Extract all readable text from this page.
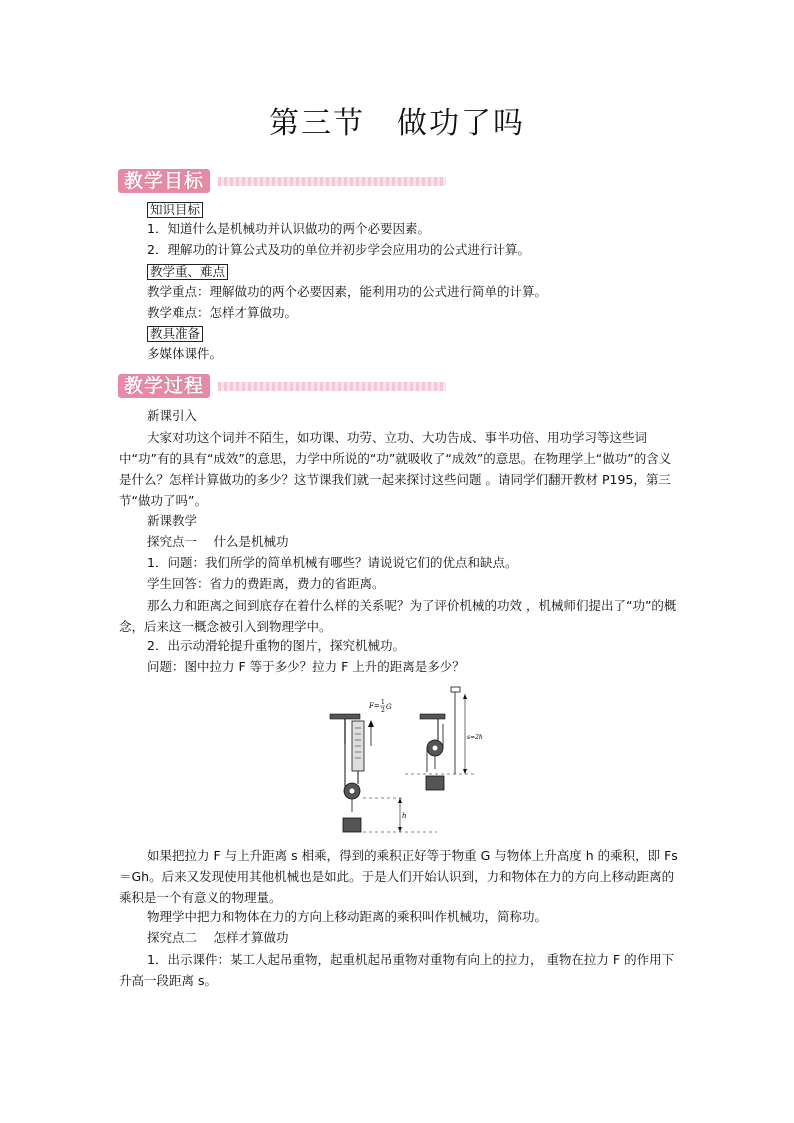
第三节　做功了吗
教学目标
知识目标
1．知道什么是机械功并认识做功的两个必要因素。
2．理解功的计算公式及功的单位并初步学会应用功的公式进行计算。
教学重、难点
教学重点：理解做功的两个必要因素，能利用功的公式进行简单的计算。
教学难点：怎样才算做功。
教具准备
多媒体课件。
教学过程
新课引入
大家对功这个词并不陌生，如功课、功劳、立功、大功告成、事半功倍、用功学习等这些词中“功”有的具有“成效”的意思，力学中所说的“功”就吸收了“成效”的意思。在物理学上“做功”的含义是什么？怎样计算做功的多少？这节课我们就一起来探讨这些问题 。请同学们翻开教材 P195，第三节“做功了吗”。
新课教学
探究点一　 什么是机械功
1．问题：我们所学的简单机械有哪些？请说说它们的优点和缺点。
学生回答：省力的费距离，费力的省距离。
那么力和距离之间到底存在着什么样的关系呢？为了评价机械的功效 ，机械师们提出了“功”的概念，后来这一概念被引入到物理学中。
2．出示动滑轮提升重物的图片，探究机械功。
问题：图中拉力 F 等于多少？拉力 F 上升的距离是多少？
F= 1
2 G
h
s=2h
如果把拉力 F 与上升距离 s 相乘，得到的乘积正好等于物重 G 与物体上升高度 h 的乘积，即 Fs＝Gh。后来又发现使用其他机械也是如此。于是人们开始认识到，力和物体在力的方向上移动距离的乘积是一个有意义的物理量。
物理学中把力和物体在力的方向上移动距离的乘积叫作机械功，简称功。
探究点二　 怎样才算做功
1．出示课件：某工人起吊重物，起重机起吊重物对重物有向上的拉力， 重物在拉力 F 的作用下升高一段距离 s。
